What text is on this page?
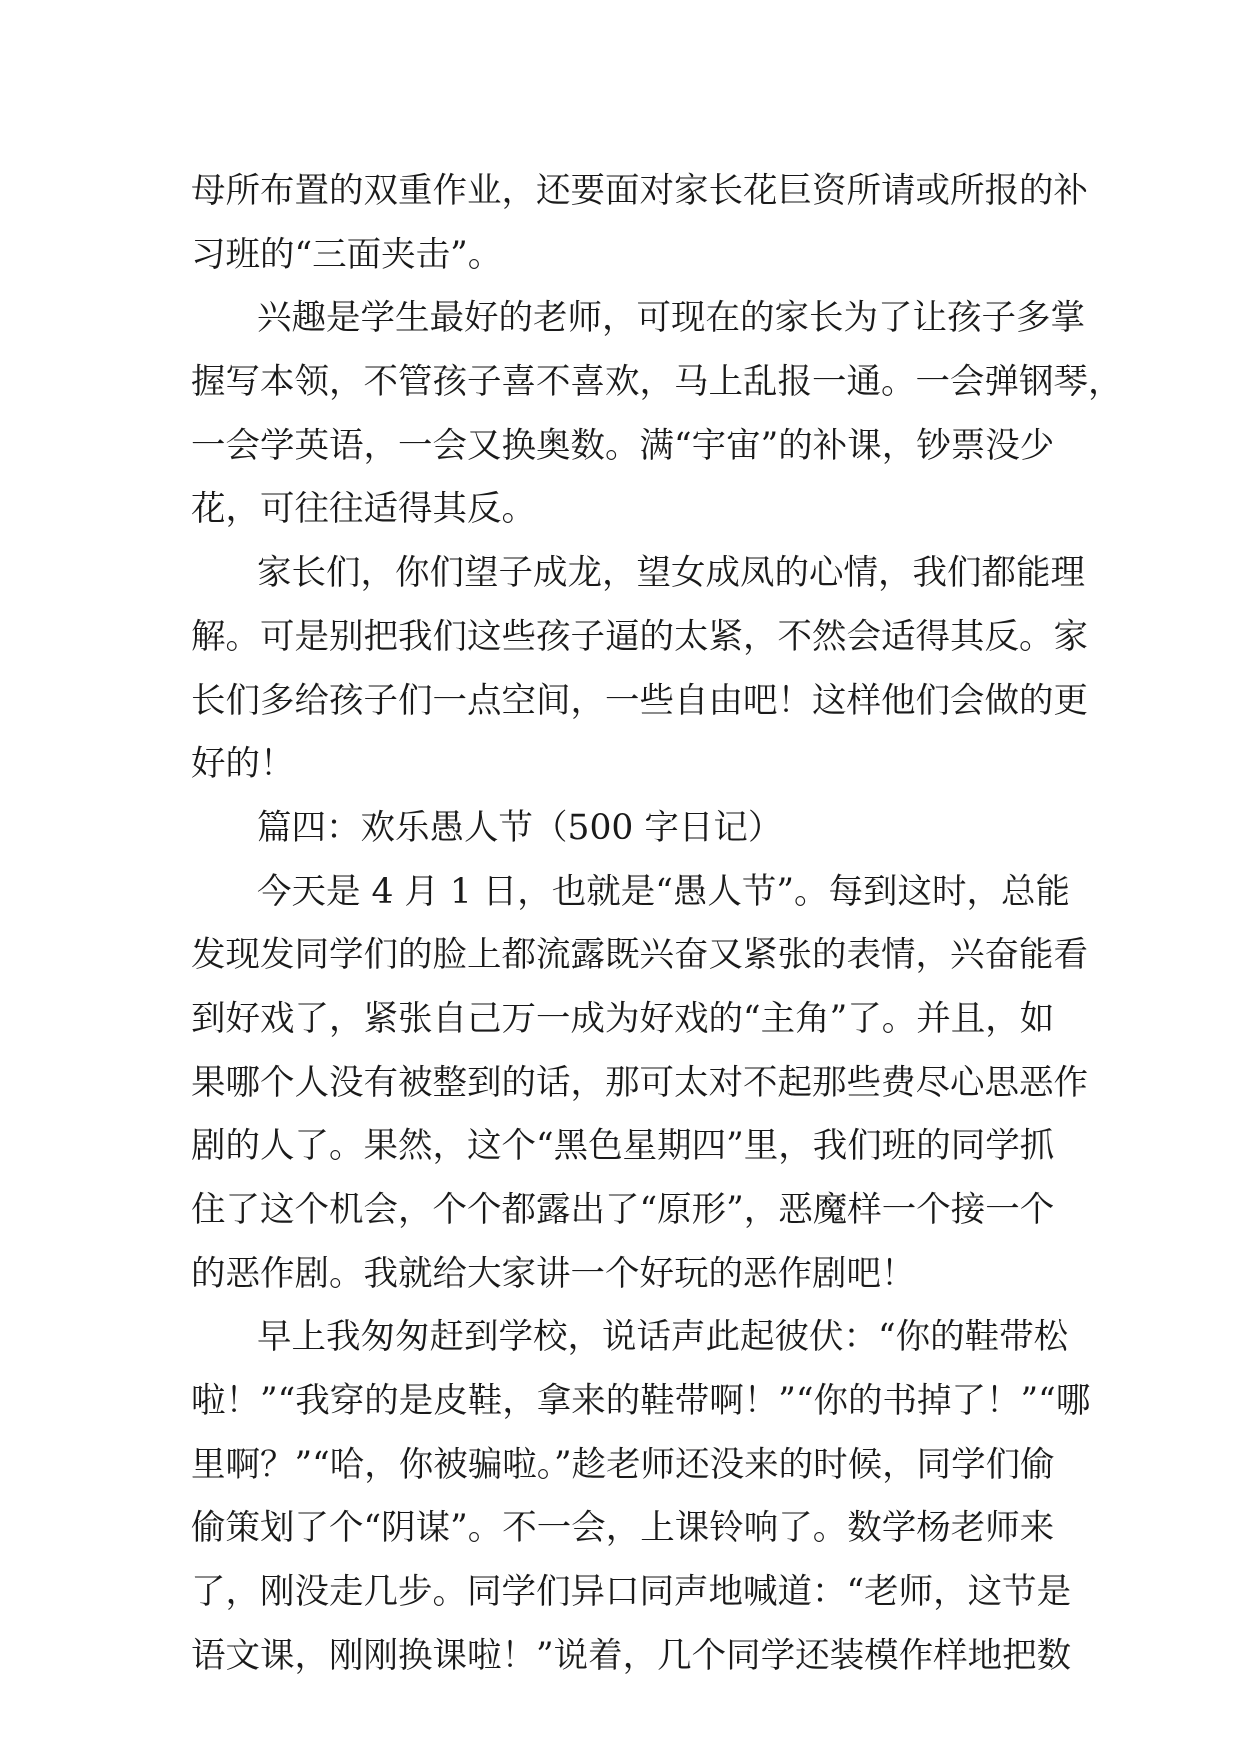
母所布置的双重作业，还要面对家长花巨资所请或所报的补
习班的“三面夹击”。
兴趣是学生最好的老师，可现在的家长为了让孩子多掌
握写本领，不管孩子喜不喜欢，马上乱报一通。一会弹钢琴，
一会学英语，一会又换奥数。满“宇宙”的补课，钞票没少
花，可往往适得其反。
家长们，你们望子成龙，望女成凤的心情，我们都能理
解。可是别把我们这些孩子逼的太紧，不然会适得其反。家
长们多给孩子们一点空间，一些自由吧！这样他们会做的更
好的！
篇四：欢乐愚人节（500 字日记）
今天是 4 月 1 日，也就是“愚人节”。每到这时，总能
发现发同学们的脸上都流露既兴奋又紧张的表情，兴奋能看
到好戏了，紧张自己万一成为好戏的“主角”了。并且，如
果哪个人没有被整到的话，那可太对不起那些费尽心思恶作
剧的人了。果然，这个“黑色星期四”里，我们班的同学抓
住了这个机会，个个都露出了“原形”，恶魔样一个接一个
的恶作剧。我就给大家讲一个好玩的恶作剧吧！
早上我匆匆赶到学校，说话声此起彼伏：“你的鞋带松
啦！”“我穿的是皮鞋，拿来的鞋带啊！”“你的书掉了！”“哪
里啊？”“哈，你被骗啦。”趁老师还没来的时候，同学们偷
偷策划了个“阴谋”。不一会，上课铃响了。数学杨老师来
了，刚没走几步。同学们异口同声地喊道：“老师，这节是
语文课，刚刚换课啦！”说着，几个同学还装模作样地把数
